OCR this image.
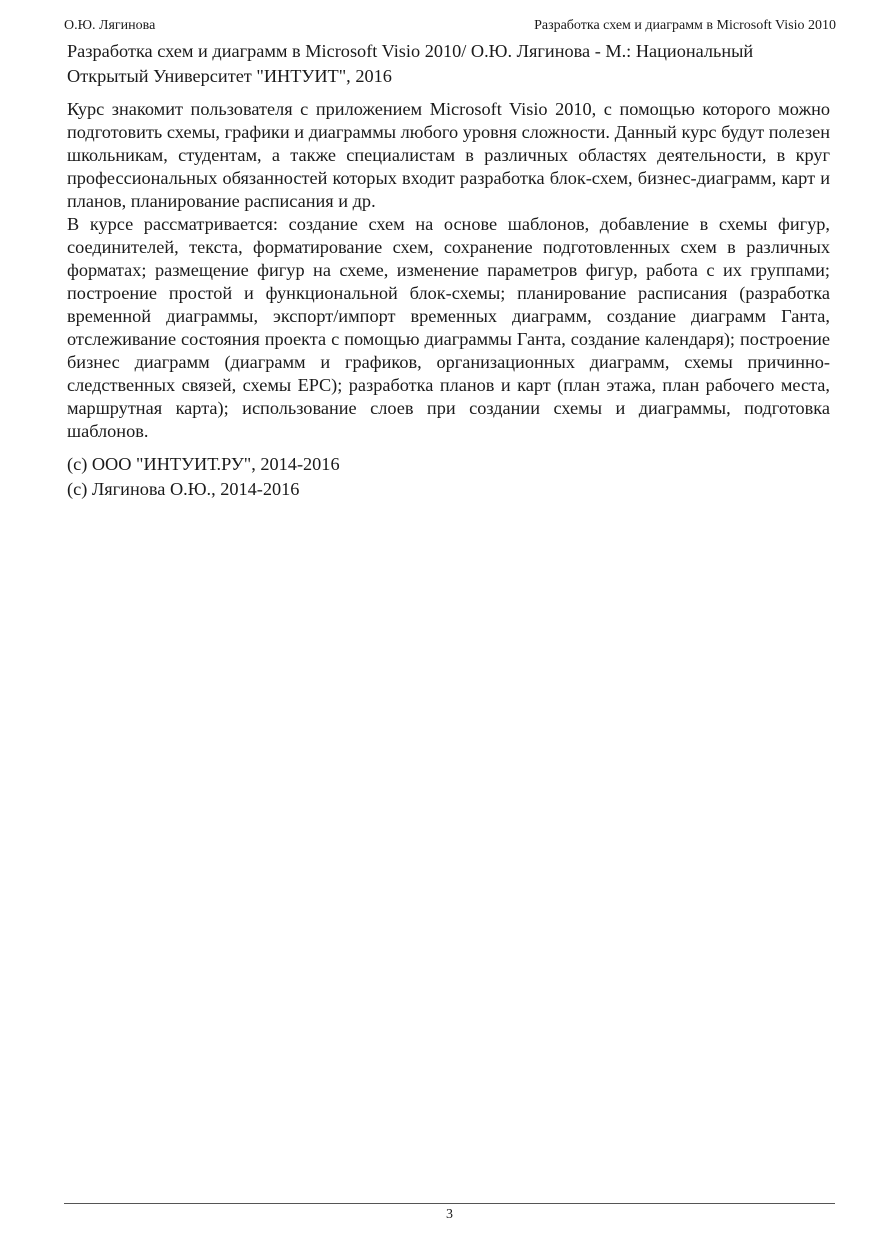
О.Ю. Лягинова	Разработка схем и диаграмм в Microsoft Visio 2010

Разработка схем и диаграмм в Microsoft Visio 2010/ О.Ю. Лягинова - М.: Национальный Открытый Университет "ИНТУИТ", 2016

Курс знакомит пользователя с приложением Microsoft Visio 2010, с помощью которого можно подготовить схемы, графики и диаграммы любого уровня сложности. Данный курс будут полезен школьникам, студентам, а также специалистам в различных областях деятельности, в круг профессиональных обязанностей которых входит разработка блок-схем, бизнес-диаграмм, карт и планов, планирование расписания и др.

В курсе рассматривается: создание схем на основе шаблонов, добавление в схемы фигур, соединителей, текста, форматирование схем, сохранение подготовленных схем в различных форматах; размещение фигур на схеме, изменение параметров фигур, работа с их группами; построение простой и функциональной блок-схемы; планирование расписания (разработка временной диаграммы, экспорт/импорт временных диаграмм, создание диаграмм Ганта, отслеживание состояния проекта с помощью диаграммы Ганта, создание календаря); построение бизнес диаграмм (диаграмм и графиков, организационных диаграмм, схемы причинно-следственных связей, схемы EPC); разработка планов и карт (план этажа, план рабочего места, маршрутная карта); использование слоев при создании схемы и диаграммы, подготовка шаблонов.

(c) ООО "ИНТУИТ.РУ", 2014-2016
(c) Лягинова О.Ю., 2014-2016
3
